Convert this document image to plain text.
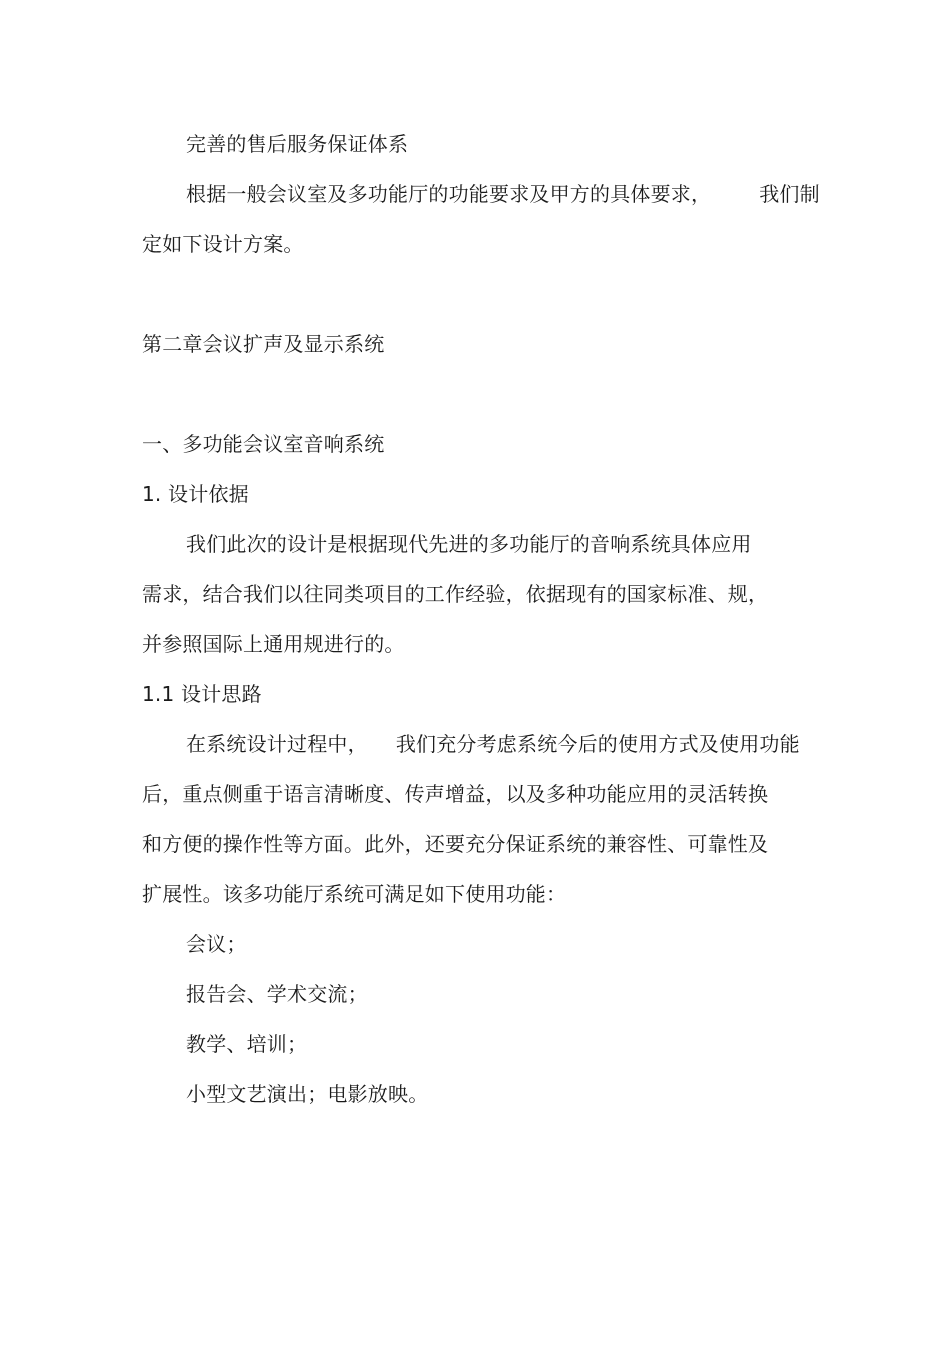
完善的售后服务保证体系
根据一般会议室及多功能厅的功能要求及甲方的具体要求， 我们制
定如下设计方案。
第二章会议扩声及显示系统
一、多功能会议室音响系统
1. 设计依据
我们此次的设计是根据现代先进的多功能厅的音响系统具体应用
需求，结合我们以往同类项目的工作经验，依据现有的国家标准、规，
并参照国际上通用规进行的。
1.1 设计思路
在系统设计过程中， 我们充分考虑系统今后的使用方式及使用功能
后，重点侧重于语言清晰度、传声增益，以及多种功能应用的灵活转换
和方便的操作性等方面。此外，还要充分保证系统的兼容性、可靠性及
扩展性。该多功能厅系统可满足如下使用功能：
会议；
报告会、学术交流；
教学、培训；
小型文艺演出；电影放映。
